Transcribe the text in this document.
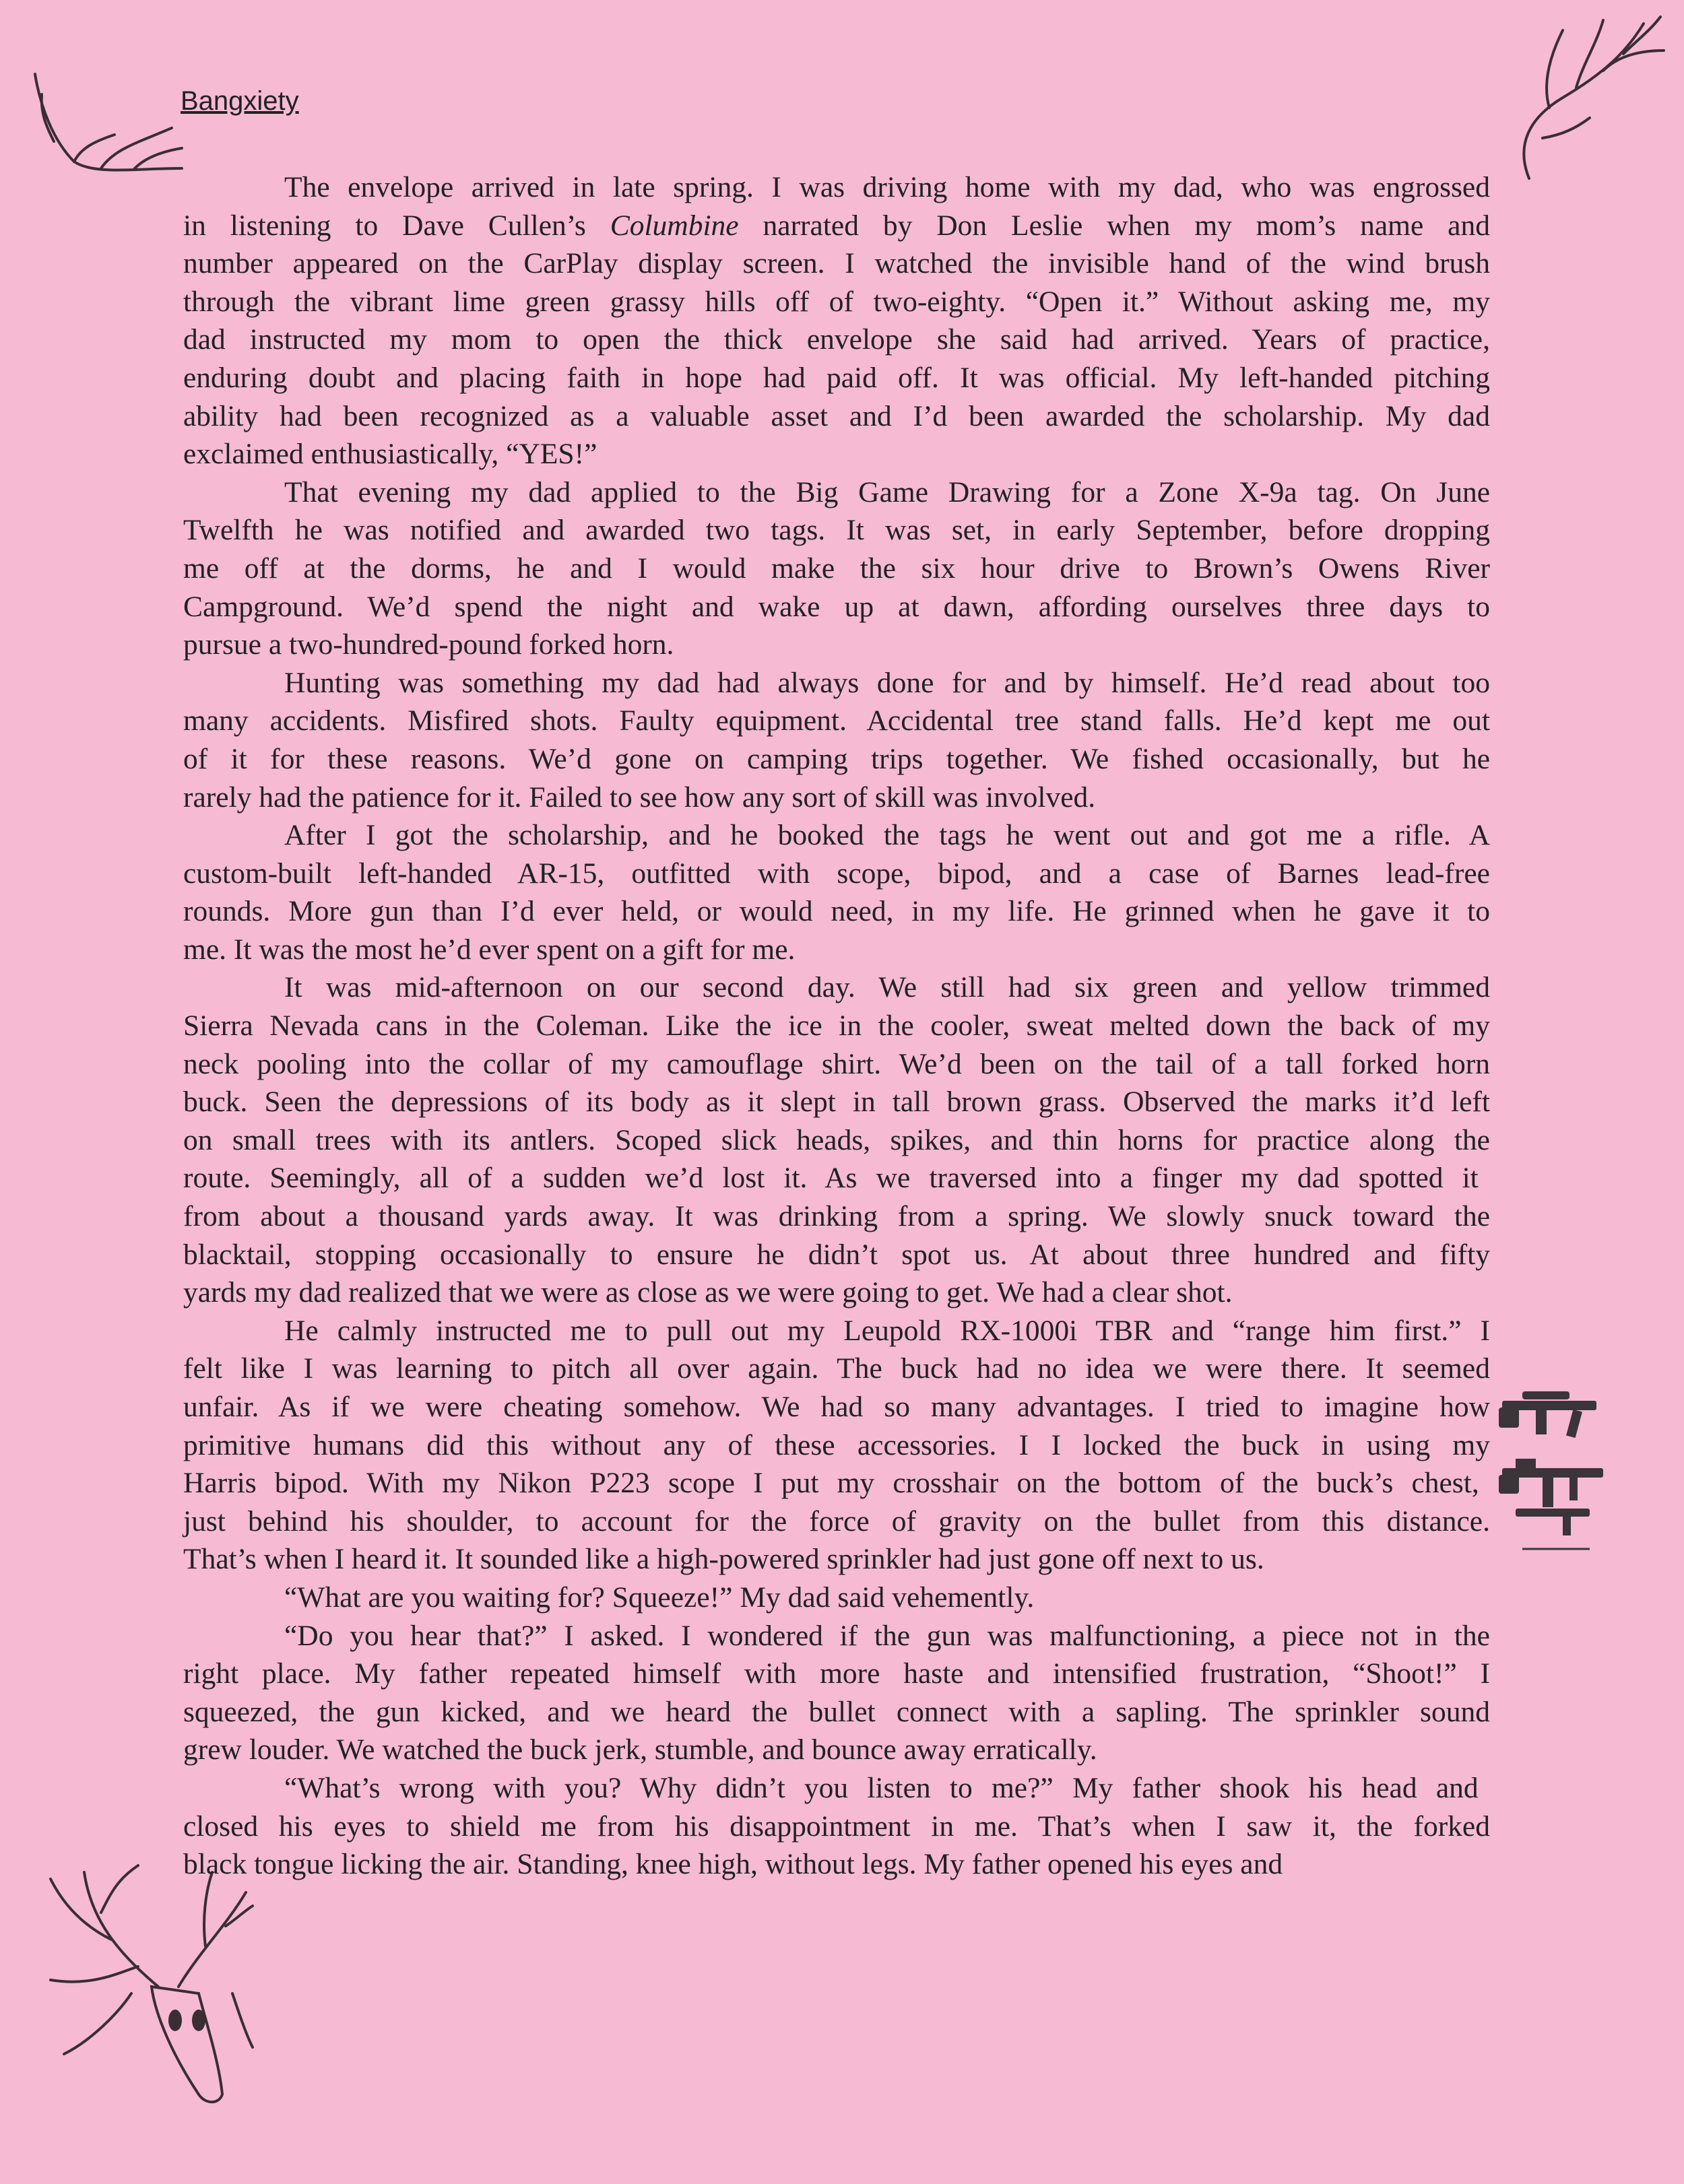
Bangxiety
The envelope arrived in late spring. I was driving home with my dad, who was engrossed
in listening to Dave Cullen’s Columbine narrated by Don Leslie when my mom’s name and
number appeared on the CarPlay display screen. I watched the invisible hand of the wind brush
through the vibrant lime green grassy hills off of two-eighty. “Open it.” Without asking me, my
dad instructed my mom to open the thick envelope she said had arrived. Years of practice,
enduring doubt and placing faith in hope had paid off. It was official. My left-handed pitching
ability had been recognized as a valuable asset and I’d been awarded the scholarship. My dad
exclaimed enthusiastically, “YES!”
That evening my dad applied to the Big Game Drawing for a Zone X-9a tag. On June
Twelfth he was notified and awarded two tags. It was set, in early September, before dropping
me off at the dorms, he and I would make the six hour drive to Brown’s Owens River
Campground. We’d spend the night and wake up at dawn, affording ourselves three days to
pursue a two-hundred-pound forked horn.
Hunting was something my dad had always done for and by himself. He’d read about too
many accidents. Misfired shots. Faulty equipment. Accidental tree stand falls. He’d kept me out
of it for these reasons. We’d gone on camping trips together. We fished occasionally, but he
rarely had the patience for it. Failed to see how any sort of skill was involved.
After I got the scholarship, and he booked the tags he went out and got me a rifle. A
custom-built left-handed AR-15, outfitted with scope, bipod, and a case of Barnes lead-free
rounds. More gun than I’d ever held, or would need, in my life. He grinned when he gave it to
me. It was the most he’d ever spent on a gift for me.
It was mid-afternoon on our second day. We still had six green and yellow trimmed
Sierra Nevada cans in the Coleman. Like the ice in the cooler, sweat melted down the back of my
neck pooling into the collar of my camouflage shirt. We’d been on the tail of a tall forked horn
buck. Seen the depressions of its body as it slept in tall brown grass. Observed the marks it’d left
on small trees with its antlers. Scoped slick heads, spikes, and thin horns for practice along the
route. Seemingly, all of a sudden we’d lost it. As we traversed into a finger my dad spotted it
from about a thousand yards away. It was drinking from a spring. We slowly snuck toward the
blacktail, stopping occasionally to ensure he didn’t spot us. At about three hundred and fifty
yards my dad realized that we were as close as we were going to get. We had a clear shot.
He calmly instructed me to pull out my Leupold RX-1000i TBR and “range him first.” I
felt like I was learning to pitch all over again. The buck had no idea we were there. It seemed
unfair. As if we were cheating somehow. We had so many advantages. I tried to imagine how
primitive humans did this without any of these accessories. I I locked the buck in using my
Harris bipod. With my Nikon P223 scope I put my crosshair on the bottom of the buck’s chest,
just behind his shoulder, to account for the force of gravity on the bullet from this distance.
That’s when I heard it. It sounded like a high-powered sprinkler had just gone off next to us.
“What are you waiting for? Squeeze!” My dad said vehemently.
“Do you hear that?” I asked. I wondered if the gun was malfunctioning, a piece not in the
right place. My father repeated himself with more haste and intensified frustration, “Shoot!” I
squeezed, the gun kicked, and we heard the bullet connect with a sapling. The sprinkler sound
grew louder. We watched the buck jerk, stumble, and bounce away erratically.
“What’s wrong with you? Why didn’t you listen to me?” My father shook his head and
closed his eyes to shield me from his disappointment in me. That’s when I saw it, the forked
black tongue licking the air. Standing, knee high, without legs. My father opened his eyes and
